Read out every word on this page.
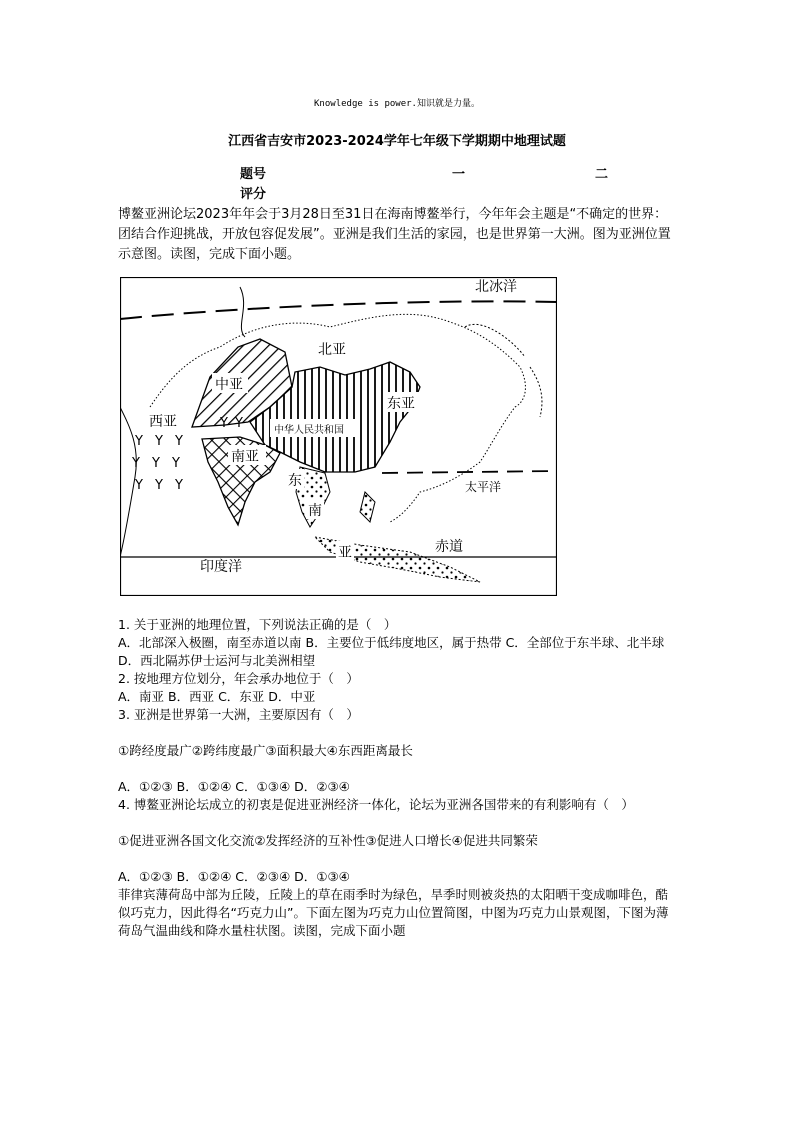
Knowledge is power.知识就是力量。
江西省吉安市2023-2024学年七年级下学期期中地理试题
题号	一	二
评分
博鳌亚洲论坛2023年年会于3月28日至31日在海南博鳌举行，今年年会主题是“不确定的世界：团结合作迎挑战，开放包容促发展”。亚洲是我们生活的家园，也是世界第一大洲。图为亚洲位置示意图。读图，完成下面小题。
Y Y Y
Y Y Y
Y Y Y
Y Y
北冰洋
北亚
中亚
西亚
东亚
中华人民共和国
南亚
东
南
亚
太平洋
赤道
印度洋
1. 关于亚洲的地理位置，下列说法正确的是（　）
A．北部深入极圈，南至赤道以南 B．主要位于低纬度地区，属于热带 C．全部位于东半球、北半球 D．西北隔苏伊士运河与北美洲相望
2. 按地理方位划分，年会承办地位于（　）
A．南亚 B．西亚 C．东亚 D．中亚
3. 亚洲是世界第一大洲，主要原因有（　）
①跨经度最广②跨纬度最广③面积最大④东西距离最长
A．①②③ B．①②④ C．①③④ D．②③④
4. 博鳌亚洲论坛成立的初衷是促进亚洲经济一体化，论坛为亚洲各国带来的有利影响有（　）
①促进亚洲各国文化交流②发挥经济的互补性③促进人口增长④促进共同繁荣
A．①②③ B．①②④ C．②③④ D．①③④
菲律宾薄荷岛中部为丘陵，丘陵上的草在雨季时为绿色，旱季时则被炎热的太阳晒干变成咖啡色，酷似巧克力，因此得名“巧克力山”。下面左图为巧克力山位置简图，中图为巧克力山景观图，下图为薄荷岛气温曲线和降水量柱状图。读图，完成下面小题
